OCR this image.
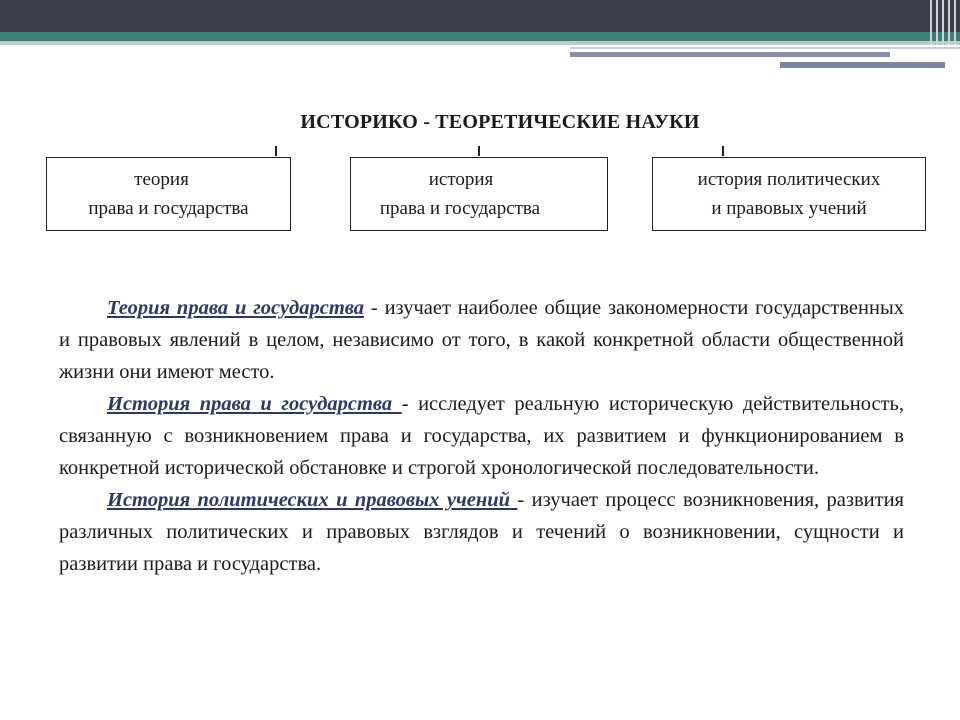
ИСТОРИКО - ТЕОРЕТИЧЕСКИЕ НАУКИ
теория
права и государства
история
права и государства
история политических
и правовых учений

Теория права и государства - изучает наиболее общие закономерности государственных и правовых явлений в целом, независимо от того, в какой конкретной области общественной жизни они имеют место.

История права и государства - исследует реальную историческую действительность, связанную с возникновением права и государства, их развитием и функционированием в конкретной исторической обстановке и строгой хронологической последовательности.

История политических и правовых учений - изучает процесс возникновения, развития различных политических и правовых взглядов и течений о возникновении, сущности и развитии права и государства.
